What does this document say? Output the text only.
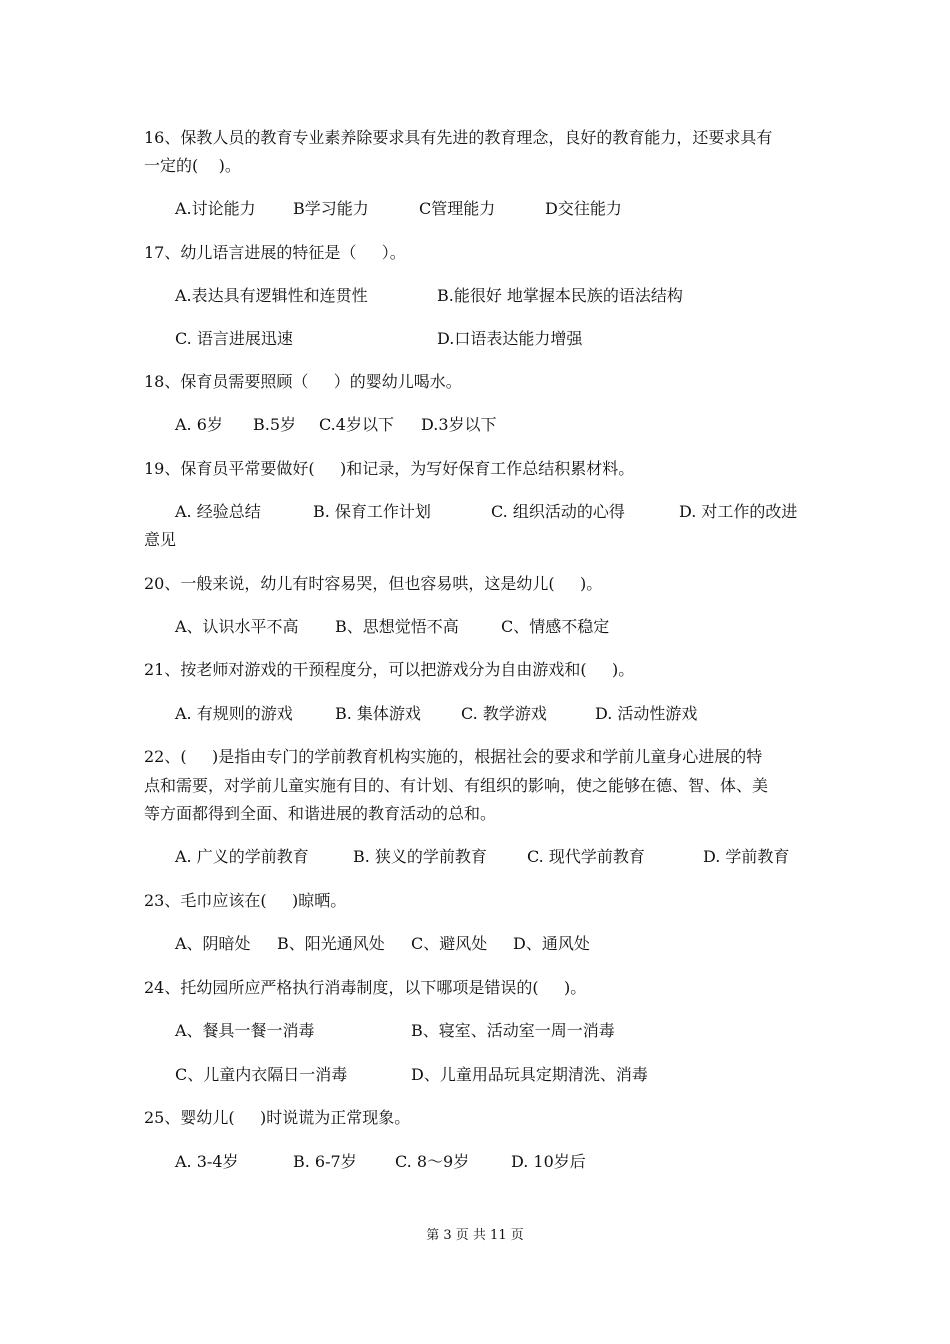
16、保教人员的教育专业素养除要求具有先进的教育理念，良好的教育能力，还要求具有
一定的(    )。

A.讨论能力

B学习能力

	C管理能力

	D交往能力

17、幼儿语言进展的特征是（     ）。

A.表达具有逻辑性和连贯性

	B.能很好 地掌握本民族的语法结构

C. 语言进展迅速

	D.口语表达能力增强

18、保育员需要照顾（     ）的婴幼儿喝水。

A. 6岁

B.5岁

C.4岁以下

D.3岁以下

19、保育员平常要做好(     )和记录，为写好保育工作总结积累材料。

A. 经验总结

	B. 保育工作计划

	C. 组织活动的心得

	D. 对工作的改进

意见
20、一般来说，幼儿有时容易哭，但也容易哄，这是幼儿(     )。

A、认识水平不高

B、思想觉悟不高

	C、情感不稳定

21、按老师对游戏的干预程度分，可以把游戏分为自由游戏和(     )。

A. 有规则的游戏

	B. 集体游戏

	C. 教学游戏

	D. 活动性游戏

22、(     )是指由专门的学前教育机构实施的，根据社会的要求和学前儿童身心进展的特
点和需要，对学前儿童实施有目的、有计划、有组织的影响，使之能够在德、智、体、美
等方面都得到全面、和谐进展的教育活动的总和。

A. 广义的学前教育

	B. 狭义的学前教育

	C. 现代学前教育

	D. 学前教育

23、毛巾应该在(     )晾晒。

A、阴暗处

B、阳光通风处

C、避风处

D、通风处

24、托幼园所应严格执行消毒制度，以下哪项是错误的(     )。

A、餐具一餐一消毒

	B、寝室、活动室一周一消毒

C、儿童内衣隔日一消毒

	D、儿童用品玩具定期清洗、消毒

25、婴幼儿(     )时说谎为正常现象。

A. 3-4岁

	B. 6-7岁

C. 8～9岁

	D. 10岁后

第 3 页 共 11 页
